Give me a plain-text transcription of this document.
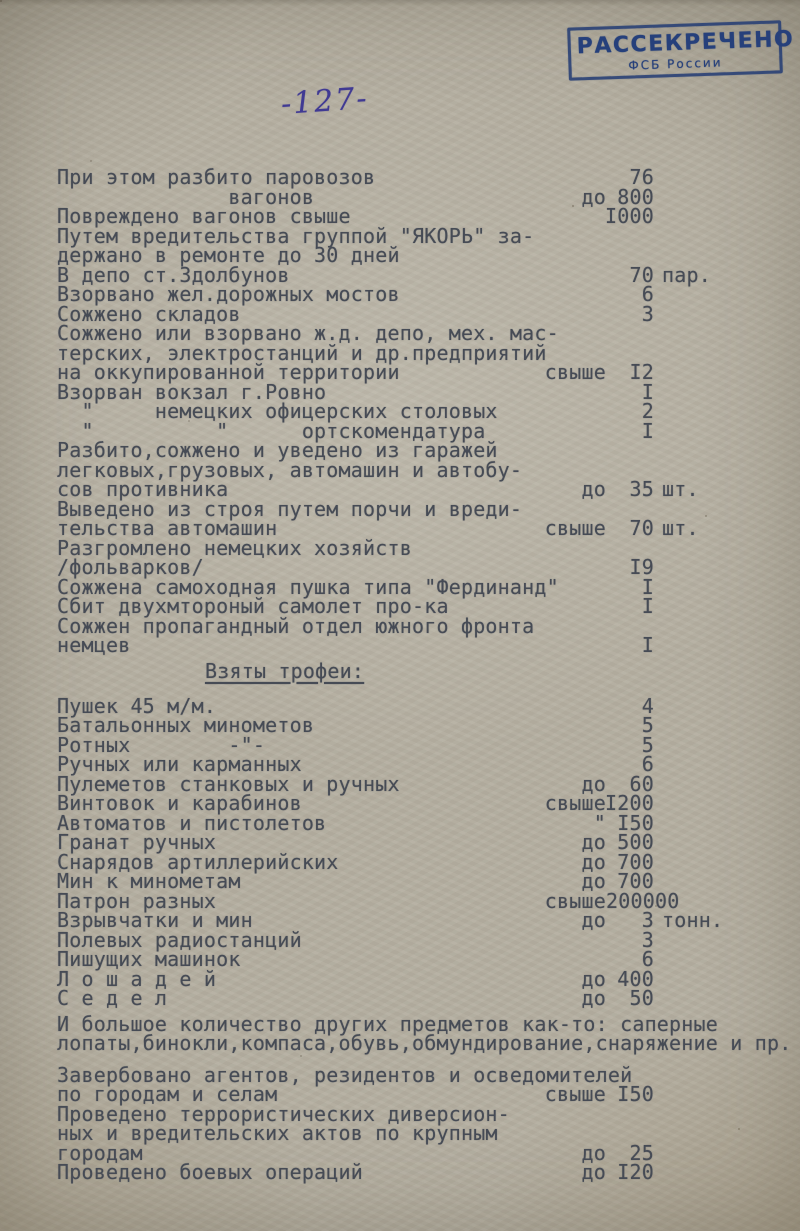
РАССЕКРЕЧЕНО
ФСБ России
-127-
При этом разбито паровозов	76
вагонов	до 800
Повреждено вагонов свыше	I000
Путем вредительства группой "ЯКОРЬ" за-
держано в ремонте до 30 дней
В депо ст.Здолбунов	70 пар.
Взорвано жел.дорожных мостов	6
Сожжено складов	3
Сожжено или взорвано ж.д. депо, мех. мас-
терских, электростанций и др.предприятий
на оккупированной территории	свыше	I2
Взорван вокзал г.Ровно	I
"     немецких офицерских столовых	2
"          "      ортскомендатура	I
Разбито,сожжено и уведено из гаражей
легковых,грузовых, автомашин и автобу-
сов противника	до	35 шт.
Выведено из строя путем порчи и вреди-
тельства автомашин	свыше	70 шт.
Разгромлено немецких хозяйств
/фольварков/	I9
Сожжена самоходная пушка типа "Фердинанд"	I
Сбит двухмтороный самолет про-ка	I
Сожжен пропагандный отдел южного фронта
немцев	I
Взяты трофеи:
Пушек 45 м/м.	4
Батальонных минометов	5
Ротных        -"-	5
Ручных или карманных	6
Пулеметов станковых и ручных	до	60
Винтовок и карабинов	свыше I200
Автоматов и пистолетов	" I50
Гранат ручных	до 500
Снарядов артиллерийских	до 700
Мин к минометам	до 700
Патрон разных	свыше 200000
Взрывчатки и мин	до	3 тонн.
Полевых радиостанций	3
Пишущих машинок	6
Л о ш а д е й	до 400
С е д е л	до	50
И большое количество других предметов как-то: саперные
лопаты,бинокли,компаса,обувь,обмундирование,снаряжение и пр.
Завербовано агентов, резидентов и осведомителей
по городам и селам	свыше I50
Проведено террористических диверсион-
ных и вредительских актов по крупным
городам	до	25
Проведено боевых операций	до I20
